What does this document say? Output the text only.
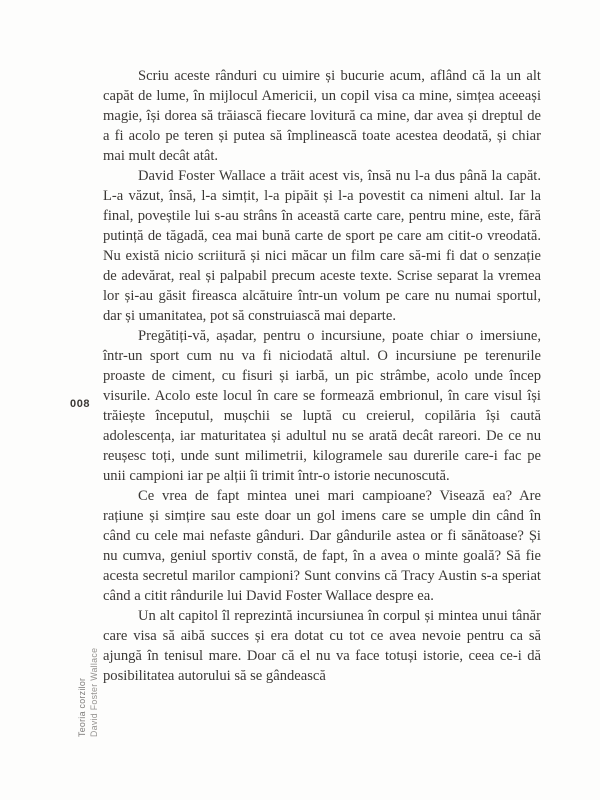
008
Teoria corzilor David Foster Wallace

Scriu aceste rânduri cu uimire și bucurie acum, aflând că la un alt capăt de lume, în mijlocul Americii, un copil visa ca mine, simțea aceeași magie, își dorea să trăiască fiecare lovitură ca mine, dar avea și dreptul de a fi acolo pe teren și putea să împlinească toate acestea deodată, și chiar mai mult decât atât.

David Foster Wallace a trăit acest vis, însă nu l-a dus până la capăt. L-a văzut, însă, l-a simțit, l-a pipăit și l-a povestit ca nimeni altul. Iar la final, poveștile lui s-au strâns în această carte care, pentru mine, este, fără putință de tăgadă, cea mai bună carte de sport pe care am citit-o vreodată. Nu există nicio scriitură și nici măcar un film care să-mi fi dat o senzație de adevărat, real și palpabil precum aceste texte. Scrise separat la vremea lor și-au găsit fireasca alcătuire într-un volum pe care nu numai sportul, dar și umanitatea, pot să construiască mai departe.

Pregătiți-vă, așadar, pentru o incursiune, poate chiar o imersiune, într-un sport cum nu va fi niciodată altul. O incursiune pe terenurile proaste de ciment, cu fisuri și iarbă, un pic strâmbe, acolo unde încep visurile. Acolo este locul în care se formează embrionul, în care visul își trăiește începutul, mușchii se luptă cu creierul, copilăria își caută adolescența, iar maturitatea și adultul nu se arată decât rareori. De ce nu reușesc toți, unde sunt milimetrii, kilogramele sau durerile care-i fac pe unii campioni iar pe alții îi trimit într-o istorie necunoscută.

Ce vrea de fapt mintea unei mari campioane? Visează ea? Are rațiune și simțire sau este doar un gol imens care se umple din când în când cu cele mai nefaste gânduri. Dar gândurile astea or fi sănătoase? Și nu cumva, geniul sportiv constă, de fapt, în a avea o minte goală? Să fie acesta secretul marilor campioni? Sunt convins că Tracy Austin s-a speriat când a citit rândurile lui David Foster Wallace despre ea.

Un alt capitol îl reprezintă incursiunea în corpul și mintea unui tânăr care visa să aibă succes și era dotat cu tot ce avea nevoie pentru ca să ajungă în tenisul mare. Doar că el nu va face totuși istorie, ceea ce-i dă posibilitatea autorului să se gândească
